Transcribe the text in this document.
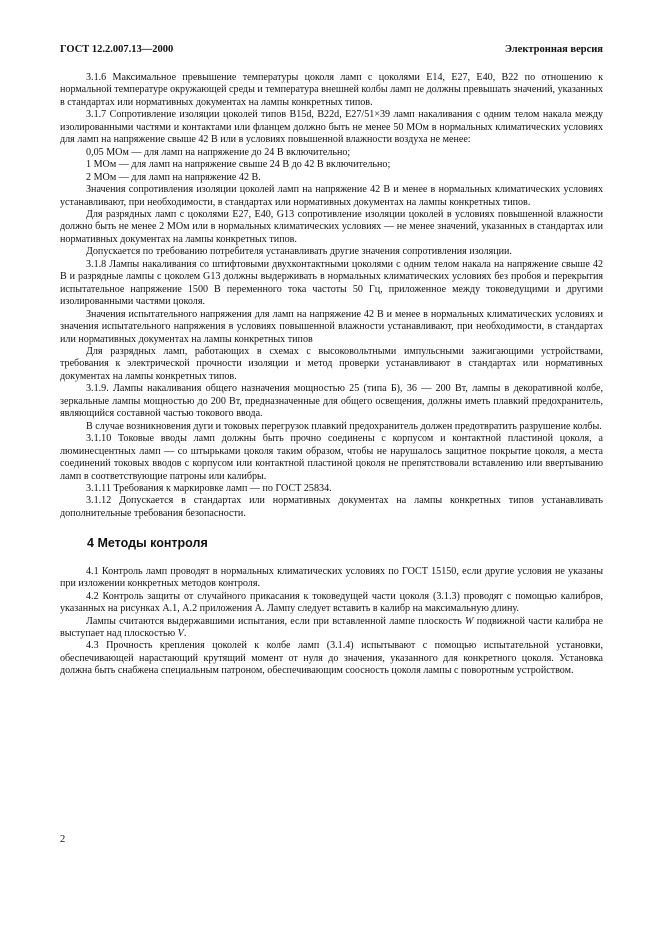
ГОСТ 12.2.007.13—2000	Электронная версия

3.1.6 Максимальное превышение температуры цоколя ламп с цоколями E14, E27, E40, B22 по отношению к нормальной температуре окружающей среды и температура внешней колбы ламп не должны превышать значений, указанных в стандартах или нормативных документах на лампы конкретных типов.

3.1.7 Сопротивление изоляции цоколей типов B15d, B22d, E27/51×39 ламп накаливания с одним телом накала между изолированными частями и контактами или фланцем должно быть не менее 50 МОм в нормальных климатических условиях для ламп на напряжение свыше 42 В или в условиях повышенной влажности воздуха не менее:

0,05 МОм — для ламп на напряжение до 24 В включительно;

1 МОм — для ламп на напряжение свыше 24 В до 42 В включительно;

2 МОм — для ламп на напряжение 42 В.

Значения сопротивления изоляции цоколей ламп на напряжение 42 В и менее в нормальных климатических условиях устанавливают, при необходимости, в стандартах или нормативных документах на лампы конкретных типов.

Для разрядных ламп с цоколями E27, E40, G13 сопротивление изоляции цоколей в условиях повышенной влажности должно быть не менее 2 МОм или в нормальных климатических условиях — не менее значений, указанных в стандартах или нормативных документах на лампы конкретных типов.

Допускается по требованию потребителя устанавливать другие значения сопротивления изоляции.

3.1.8 Лампы накаливания со штифтовыми двухконтактными цоколями с одним телом накала на напряжение свыше 42 В и разрядные лампы с цоколем G13 должны выдерживать в нормальных климатических условиях без пробоя и перекрытия испытательное напряжение 1500 В переменного тока частоты 50 Гц, приложенное между токоведущими и другими изолированными частями цоколя.

Значения испытательного напряжения для ламп на напряжение 42 В и менее в нормальных климатических условиях и значения испытательного напряжения в условиях повышенной влажности устанавливают, при необходимости, в стандартах или нормативных документах на лампы конкретных типов

Для разрядных ламп, работающих в схемах с высоковольтными импульсными зажигающими устройствами, требования к электрической прочности изоляции и метод проверки устанавливают в стандартах или нормативных документах на лампы конкретных типов.

3.1.9. Лампы накаливания общего назначения мощностью 25 (типа Б), 36 — 200 Вт, лампы в декоративной колбе, зеркальные лампы мощностью до 200 Вт, предназначенные для общего освещения, должны иметь плавкий предохранитель, являющийся составной частью токового ввода.

В случае возникновения дуги и токовых перегрузок плавкий предохранитель должен предотвратить разрушение колбы.

3.1.10 Токовые вводы ламп должны быть прочно соединены с корпусом и контактной пластиной цоколя, а люминесцентных ламп — со штырьками цоколя таким образом, чтобы не нарушалось защитное покрытие цоколя, а места соединений токовых вводов с корпусом или контактной пластиной цоколя не препятствовали вставлению или ввертыванию ламп в соответствующие патроны или калибры.

3.1.11 Требования к маркировке ламп — по ГОСТ 25834.

3.1.12 Допускается в стандартах или нормативных документах на лампы конкретных типов устанавливать дополнительные требования безопасности.

4 Методы контроля

4.1 Контроль ламп проводят в нормальных климатических условиях по ГОСТ 15150, если другие условия не указаны при изложении конкретных методов контроля.

4.2 Контроль защиты от случайного прикасания к токоведущей части цоколя (3.1.3) проводят с помощью калибров, указанных на рисунках А.1, А.2 приложения А. Лампу следует вставить в калибр на максимальную длину.

Лампы считаются выдержавшими испытания, если при вставленной лампе плоскость W подвижной части калибра не выступает над плоскостью V.

4.3 Прочность крепления цоколей к колбе ламп (3.1.4) испытывают с помощью испытательной установки, обеспечивающей нарастающий крутящий момент от нуля до значения, указанного для конкретного цоколя. Установка должна быть снабжена специальным патроном, обеспечивающим соосность цоколя лампы с поворотным устройством.

2
